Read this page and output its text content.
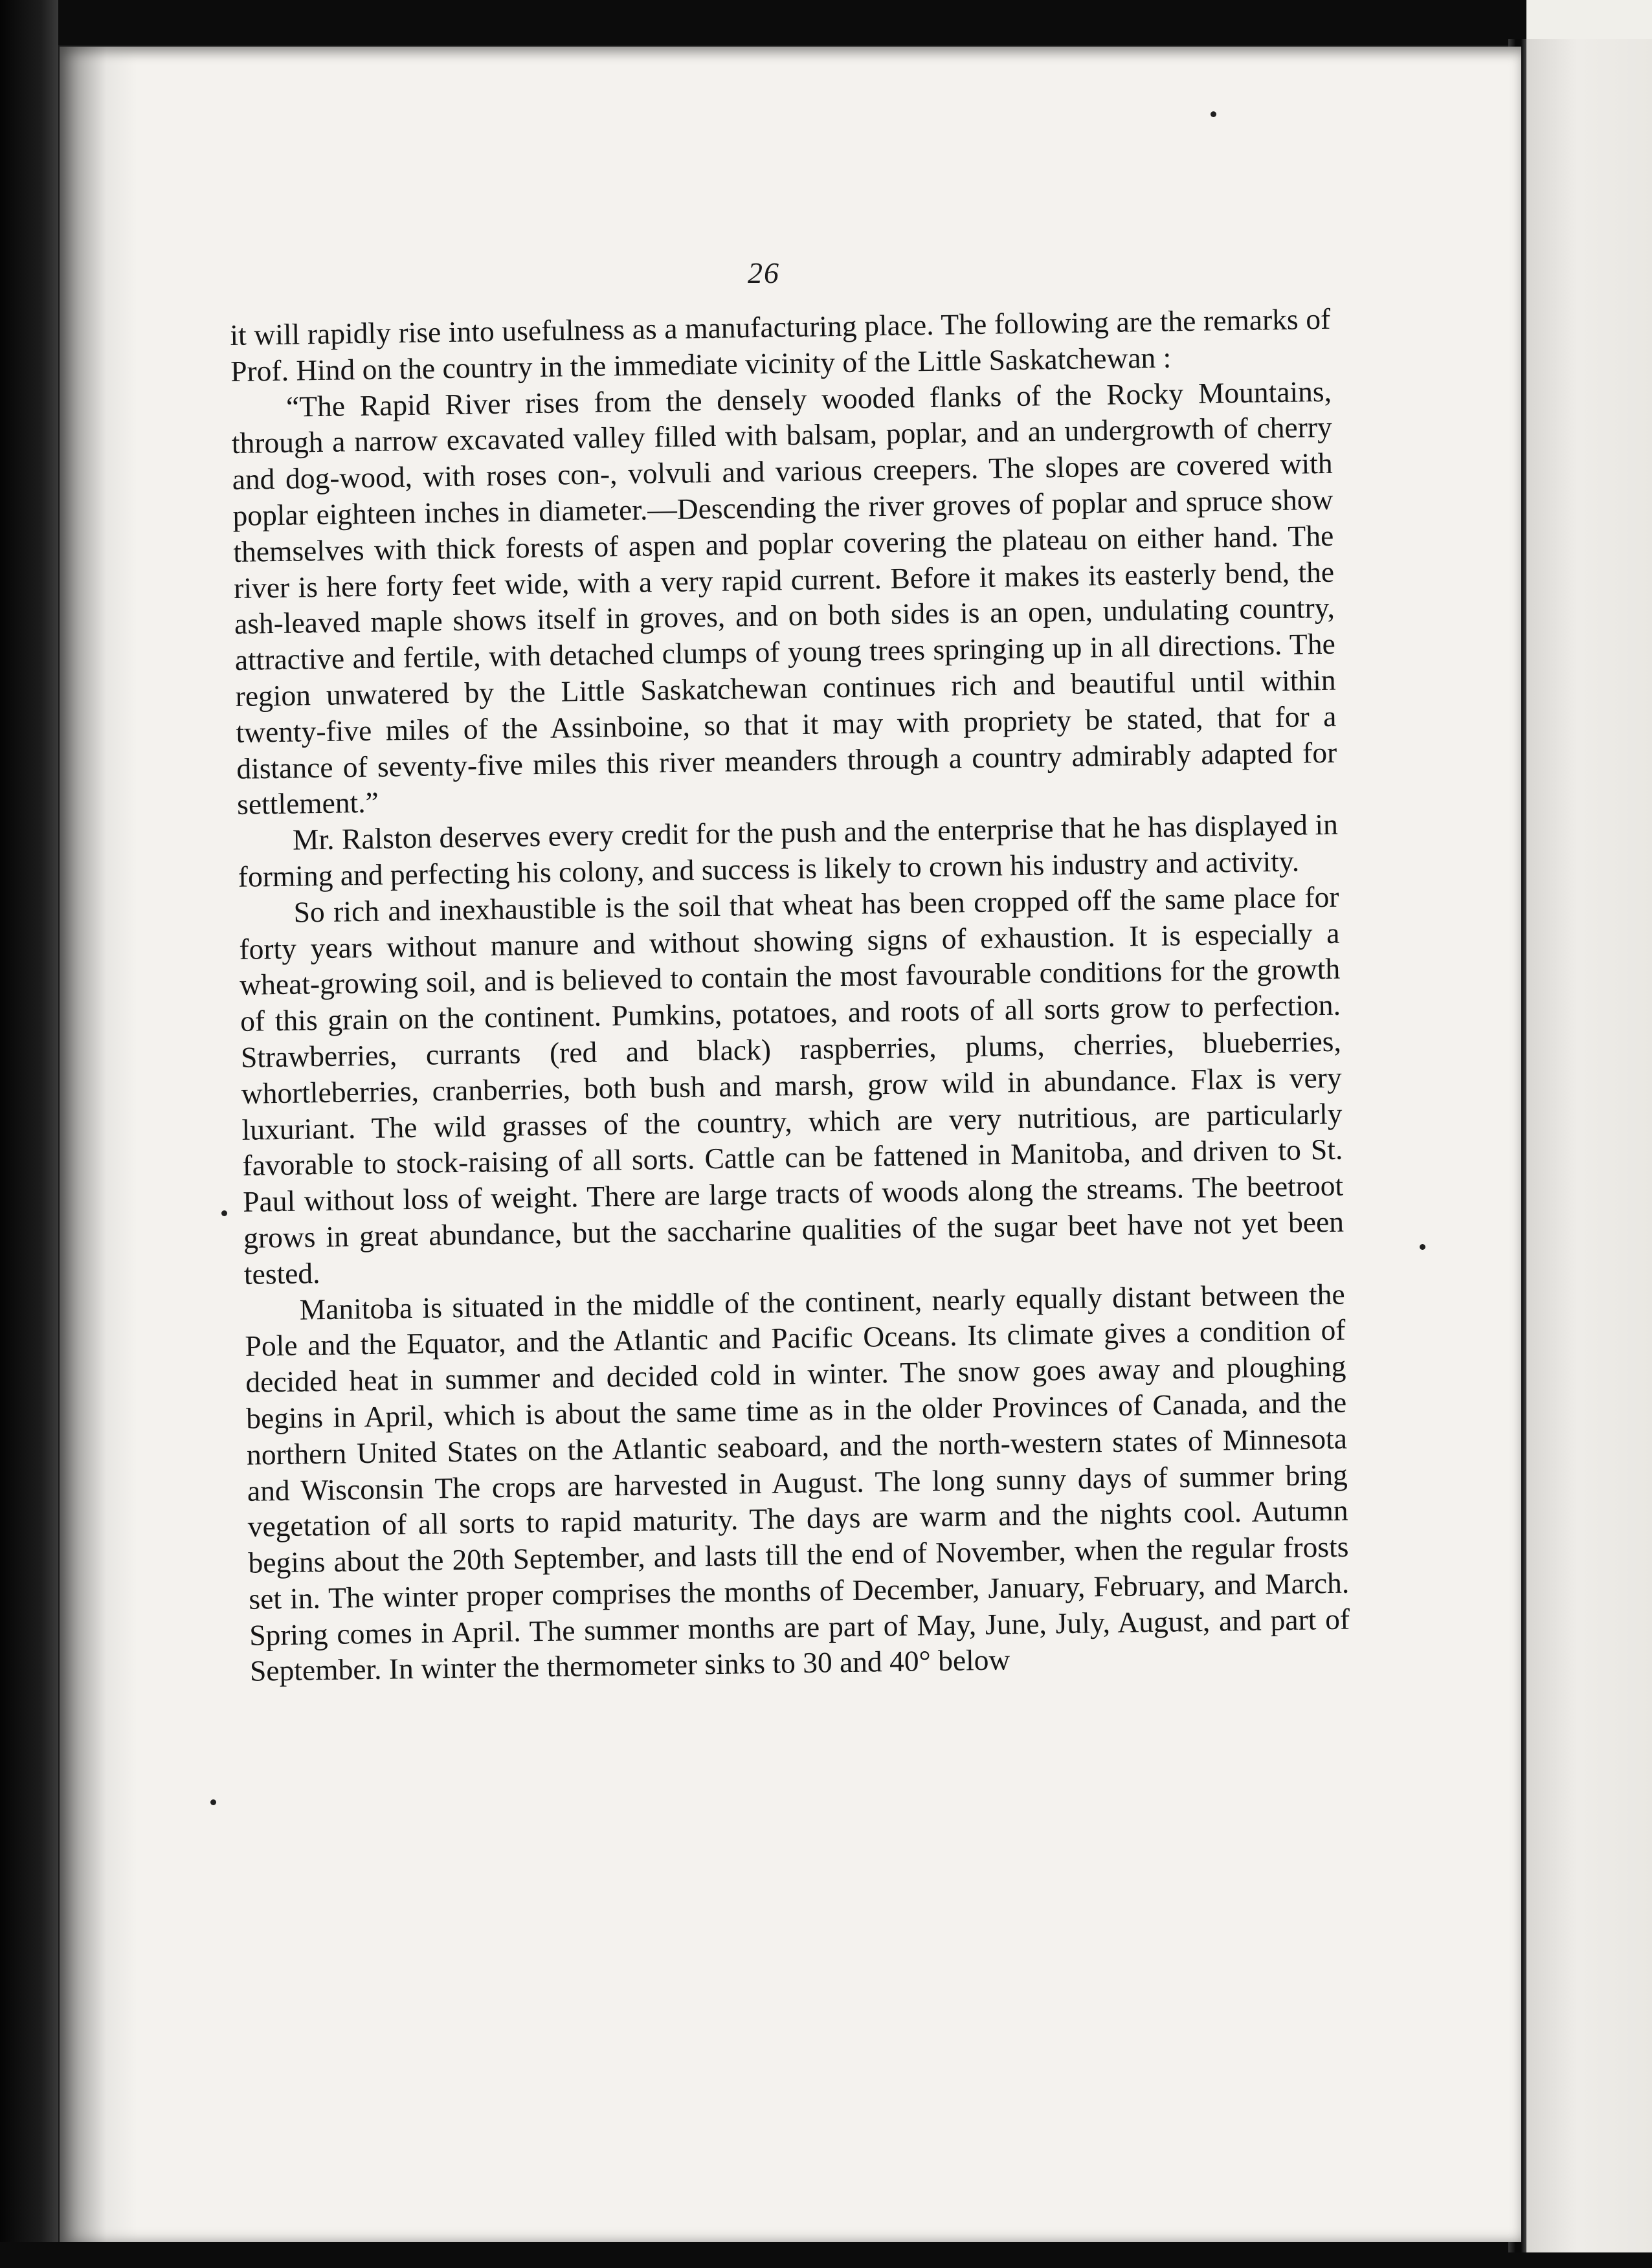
26

it will rapidly rise into usefulness as a manufacturing place. The following are the remarks of Prof. Hind on the country in the immediate vicinity of the Little Saskatchewan :

“The Rapid River rises from the densely wooded flanks of the Rocky Mountains, through a narrow excavated valley filled with balsam, poplar, and an undergrowth of cherry and dog-wood, with roses con-, volvuli and various creepers. The slopes are covered with poplar eighteen inches in diameter.—Descending the river groves of poplar and spruce show themselves with thick forests of aspen and poplar covering the plateau on either hand. The river is here forty feet wide, with a very rapid current. Before it makes its easterly bend, the ash-leaved maple shows itself in groves, and on both sides is an open, undulating country, attractive and fertile, with detached clumps of young trees springing up in all directions. The region unwatered by the Little Saskatchewan continues rich and beautiful until within twenty-five miles of the Assinboine, so that it may with propriety be stated, that for a distance of seventy-five miles this river meanders through a country admirably adapted for settlement.”

Mr. Ralston deserves every credit for the push and the enterprise that he has displayed in forming and perfecting his colony, and success is likely to crown his industry and activity.

So rich and inexhaustible is the soil that wheat has been cropped off the same place for forty years without manure and without showing signs of exhaustion. It is especially a wheat-growing soil, and is believed to contain the most favourable conditions for the growth of this grain on the continent. Pumkins, potatoes, and roots of all sorts grow to perfection. Strawberries, currants (red and black) raspberries, plums, cherries, blueberries, whortleberries, cranberries, both bush and marsh, grow wild in abundance. Flax is very luxuriant. The wild grasses of the country, which are very nutritious, are particularly favorable to stock-raising of all sorts. Cattle can be fattened in Manitoba, and driven to St. Paul without loss of weight. There are large tracts of woods along the streams. The beetroot grows in great abundance, but the saccharine qualities of the sugar beet have not yet been tested.

Manitoba is situated in the middle of the continent, nearly equally distant between the Pole and the Equator, and the Atlantic and Pacific Oceans. Its climate gives a condition of decided heat in summer and decided cold in winter. The snow goes away and ploughing begins in April, which is about the same time as in the older Provinces of Canada, and the northern United States on the Atlantic seaboard, and the north-western states of Minnesota and Wisconsin The crops are harvested in August. The long sunny days of summer bring vegetation of all sorts to rapid maturity. The days are warm and the nights cool. Autumn begins about the 20th September, and lasts till the end of November, when the regular frosts set in. The winter proper comprises the months of December, January, February, and March. Spring comes in April. The summer months are part of May, June, July, August, and part of September. In winter the thermometer sinks to 30 and 40° below
